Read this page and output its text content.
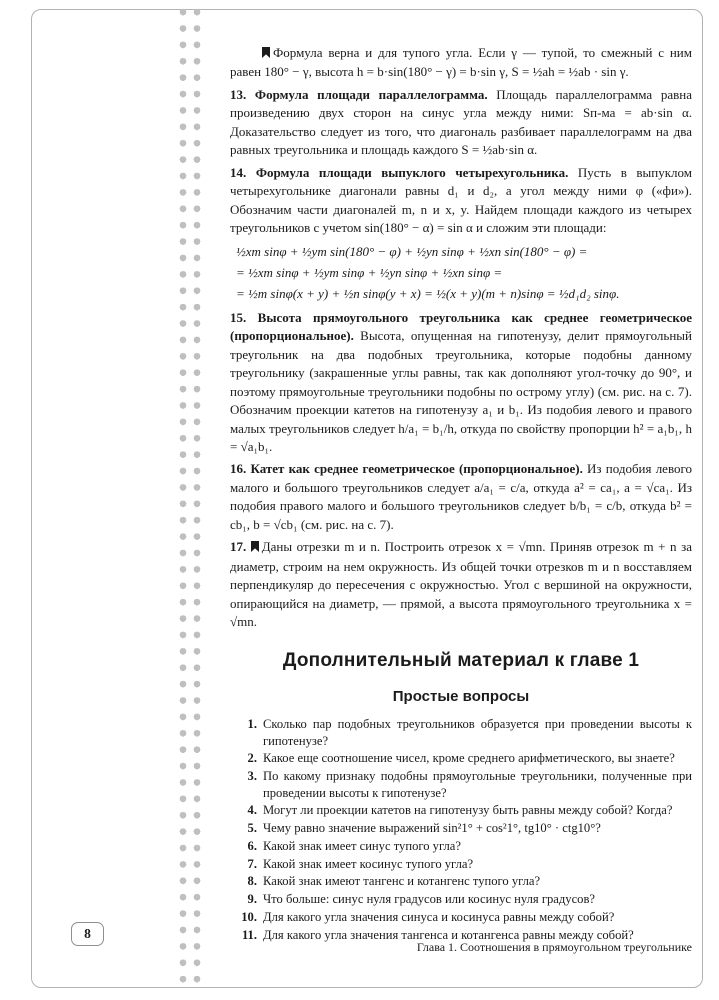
Формула верна и для тупого угла. Если γ — тупой, то смежный с ним равен 180° − γ, высота h = b·sin(180° − γ) = b·sin γ, S = ½ah = ½ab · sin γ.

13. Формула площади параллелограмма. Площадь параллелограмма равна произведению двух сторон на синус угла между ними: Sп-ма = ab·sin α. Доказательство следует из того, что диагональ разбивает параллелограмм на два равных треугольника и площадь каждого S = ½ab·sin α.

14. Формула площади выпуклого четырехугольника. Пусть в выпуклом четырехугольнике диагонали равны d₁ и d₂, а угол между ними φ («фи»). Обозначим части диагоналей m, n и x, y. Найдем площади каждого из четырех треугольников с учетом sin(180° − α) = sin α и сложим эти площади:

½xm sinφ + ½ym sin(180° − φ) + ½yn sinφ + ½xn sin(180° − φ) =
= ½xm sinφ + ½ym sinφ + ½yn sinφ + ½xn sinφ =
= ½m sinφ(x + y) + ½n sinφ(y + x) = ½(x + y)(m + n)sinφ = ½d₁d₂ sinφ.

15. Высота прямоугольного треугольника как среднее геометрическое (пропорциональное). Высота, опущенная на гипотенузу, делит прямоугольный треугольник на два подобных треугольника, которые подобны данному треугольнику (закрашенные углы равны, так как дополняют угол-точку до 90°, и поэтому прямоугольные треугольники подобны по острому углу) (см. рис. на с. 7). Обозначим проекции катетов на гипотенузу a₁ и b₁. Из подобия левого и правого малых треугольников следует h/a₁ = b₁/h, откуда по свойству пропорции h² = a₁b₁, h = √a₁b₁.

16. Катет как среднее геометрическое (пропорциональное). Из подобия левого малого и большого треугольников следует a/a₁ = c/a, откуда a² = ca₁, a = √ca₁. Из подобия правого малого и большого треугольников следует b/b₁ = c/b, откуда b² = cb₁, b = √cb₁ (см. рис. на с. 7).

17. Даны отрезки m и n. Построить отрезок x = √mn. Приняв отрезок m + n за диаметр, строим на нем окружность. Из общей точки отрезков m и n восставляем перпендикуляр до пересечения с окружностью. Угол с вершиной на окружности, опирающийся на диаметр, — прямой, а высота прямоугольного треугольника x = √mn.

Дополнительный материал к главе 1
Простые вопросы
1. Сколько пар подобных треугольников образуется при проведении высоты к гипотенузе?
2. Какое еще соотношение чисел, кроме среднего арифметического, вы знаете?
3. По какому признаку подобны прямоугольные треугольники, полученные при проведении высоты к гипотенузе?
4. Могут ли проекции катетов на гипотенузу быть равны между собой? Когда?
5. Чему равно значение выражений sin²1° + cos²1°, tg10° · ctg10°?
6. Какой знак имеет синус тупого угла?
7. Какой знак имеет косинус тупого угла?
8. Какой знак имеют тангенс и котангенс тупого угла?
9. Что больше: синус нуля градусов или косинус нуля градусов?
10. Для какого угла значения синуса и косинуса равны между собой?
11. Для какого угла значения тангенса и котангенса равны между собой?
8
Глава 1. Соотношения в прямоугольном треугольнике
